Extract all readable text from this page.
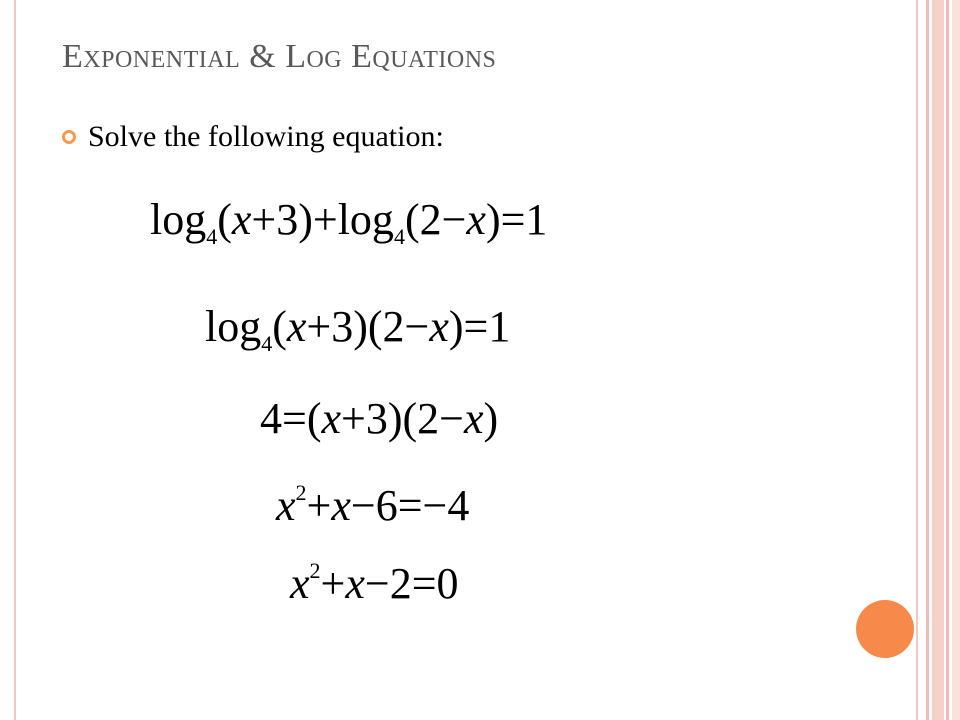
Exponential & Log Equations
Solve the following equation:
$\log_4(x+3)+\log_4(2-x)=1$
$\log_4(x+3)(2-x)=1$
4=(x+3)(2−x)
$x^2+x-6=-4$
$x^2+x-2=0$
